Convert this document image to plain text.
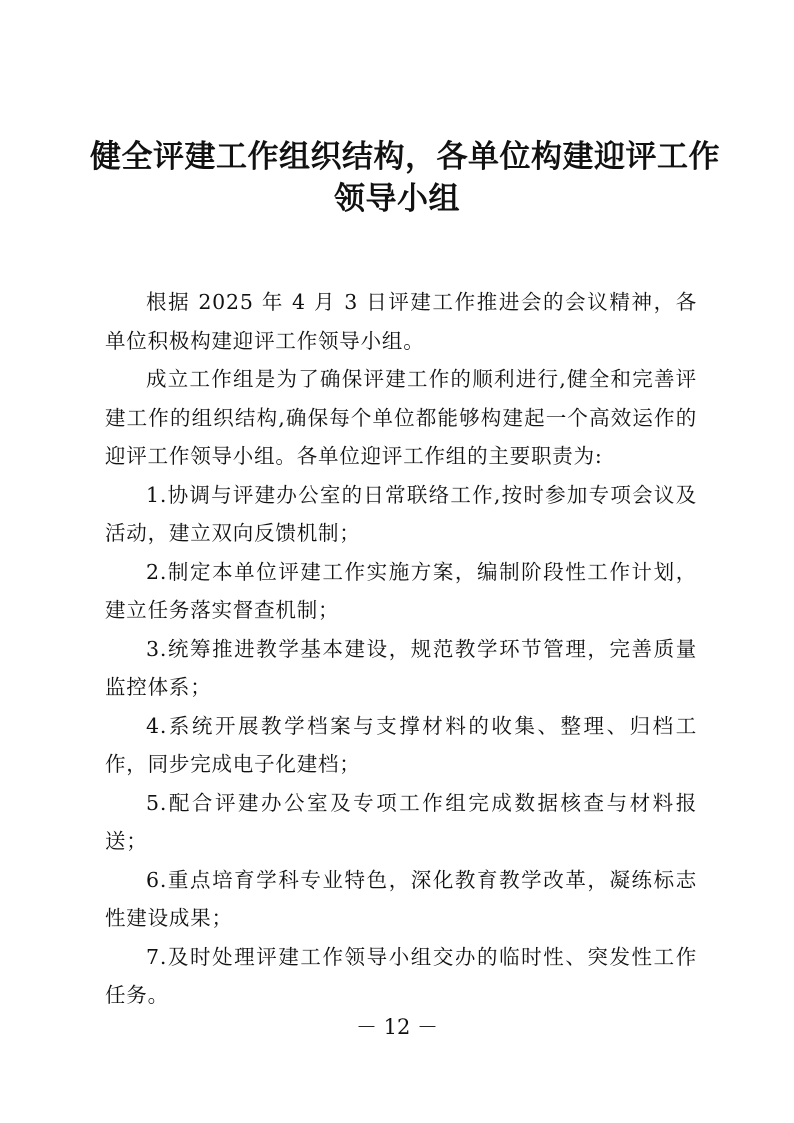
健全评建工作组织结构，各单位构建迎评工作
领导小组

根据 2025 年 4 月 3 日评建工作推进会的会议精神，各单位积极构建迎评工作领导小组。

成立工作组是为了确保评建工作的顺利进行,健全和完善评建工作的组织结构,确保每个单位都能够构建起一个高效运作的迎评工作领导小组。各单位迎评工作组的主要职责为:

1.协调与评建办公室的日常联络工作,按时参加专项会议及活动，建立双向反馈机制；

2.制定本单位评建工作实施方案，编制阶段性工作计划，建立任务落实督查机制；

3.统筹推进教学基本建设，规范教学环节管理，完善质量监控体系；

4.系统开展教学档案与支撑材料的收集、整理、归档工作，同步完成电子化建档；

5.配合评建办公室及专项工作组完成数据核查与材料报送；

6.重点培育学科专业特色，深化教育教学改革，凝练标志性建设成果；

7.及时处理评建工作领导小组交办的临时性、突发性工作任务。

－ 12 －
